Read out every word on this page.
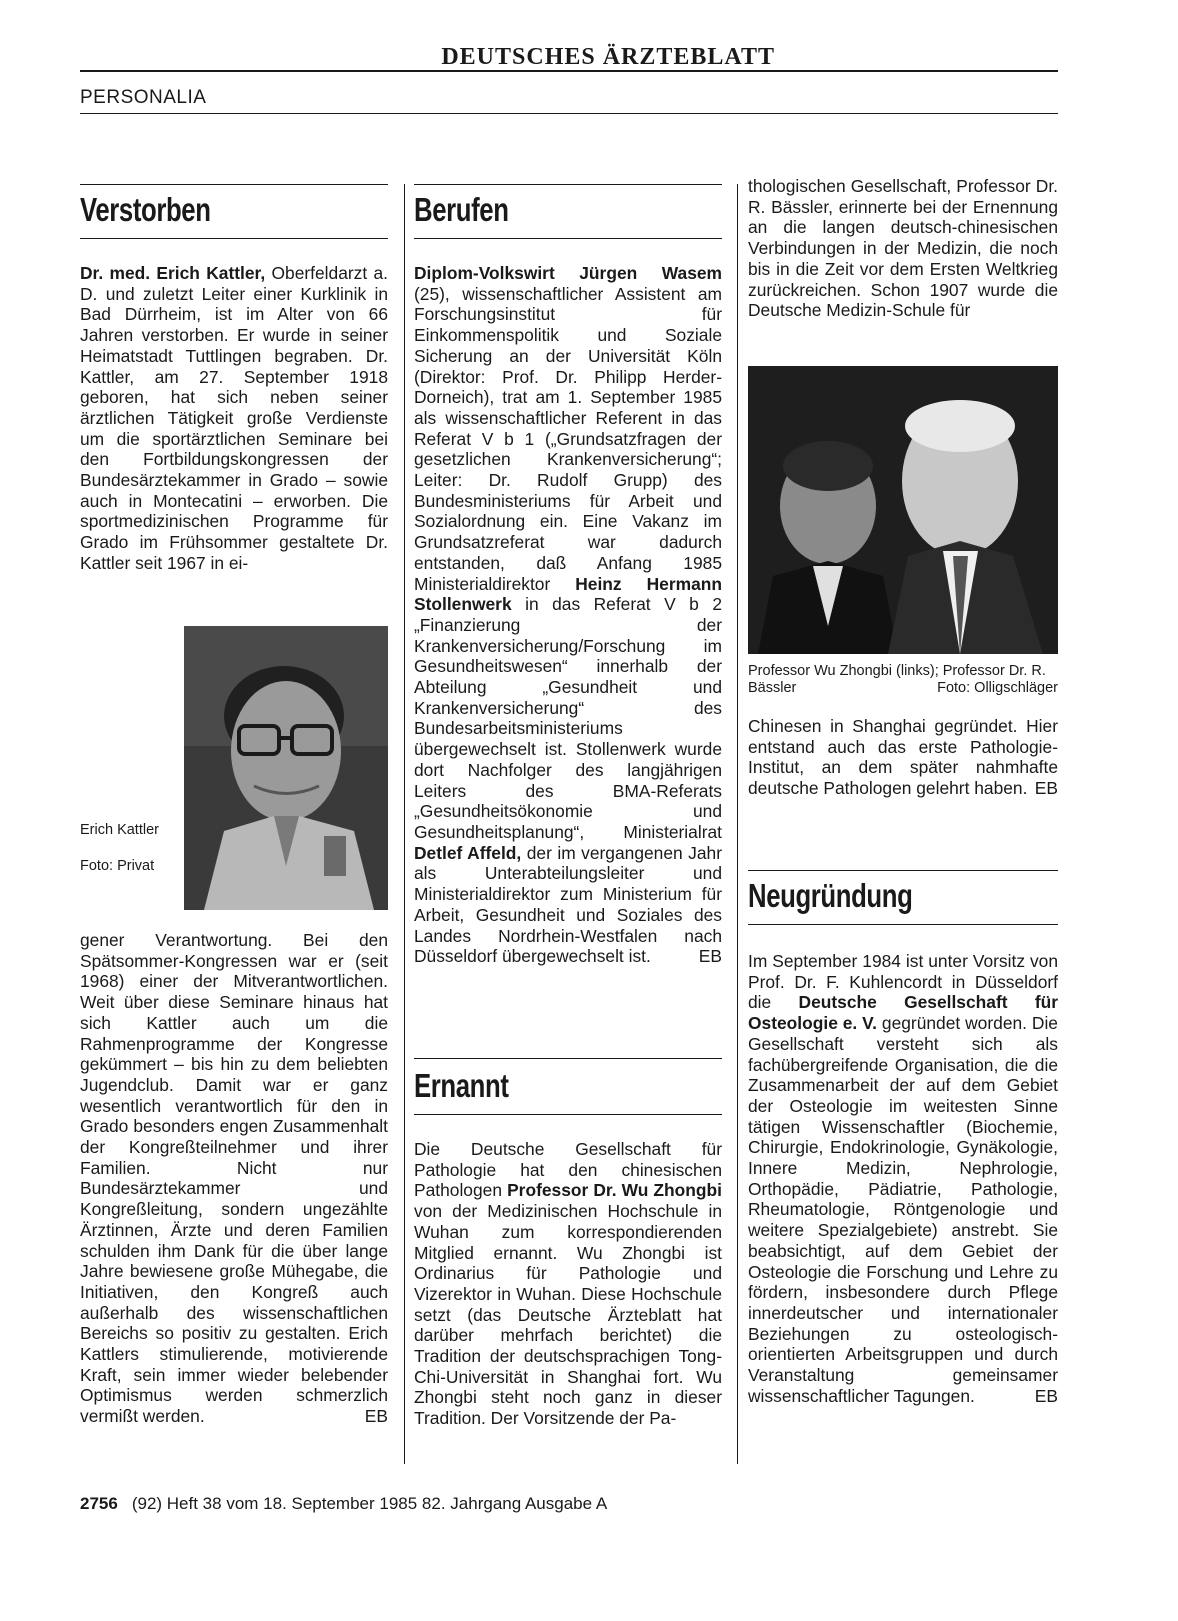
DEUTSCHES ÄRZTEBLATT
PERSONALIA
Verstorben

Dr. med. Erich Kattler, Oberfeldarzt a. D. und zuletzt Leiter einer Kurklinik in Bad Dürrheim, ist im Alter von 66 Jahren verstorben. Er wurde in seiner Heimatstadt Tuttlingen begraben. Dr. Kattler, am 27. September 1918 geboren, hat sich neben seiner ärztlichen Tätigkeit große Verdienste um die sportärztlichen Seminare bei den Fortbildungskongressen der Bundesärztekammer in Grado – sowie auch in Montecatini – erworben. Die sportmedizinischen Programme für Grado im Frühsommer gestaltete Dr. Kattler seit 1967 in ei-

Erich Kattler
Foto: Privat

gener Verantwortung. Bei den Spätsommer-Kongressen war er (seit 1968) einer der Mitverantwortlichen. Weit über diese Seminare hinaus hat sich Kattler auch um die Rahmenprogramme der Kongresse gekümmert – bis hin zu dem beliebten Jugendclub. Damit war er ganz wesentlich verantwortlich für den in Grado besonders engen Zusammenhalt der Kongreßteilnehmer und ihrer Familien. Nicht nur Bundesärztekammer und Kongreßleitung, sondern ungezählte Ärztinnen, Ärzte und deren Familien schulden ihm Dank für die über lange Jahre bewiesene große Mühegabe, die Initiativen, den Kongreß auch außerhalb des wissenschaftlichen Bereichs so positiv zu gestalten. Erich Kattlers stimulierende, motivierende Kraft, sein immer wieder belebender Optimismus werden schmerzlich vermißt werden.	EB

Berufen

Diplom-Volkswirt Jürgen Wasem (25), wissenschaftlicher Assistent am Forschungsinstitut für Einkommenspolitik und Soziale Sicherung an der Universität Köln (Direktor: Prof. Dr. Philipp Herder-Dorneich), trat am 1. September 1985 als wissenschaftlicher Referent in das Referat V b 1 („Grundsatzfragen der gesetzlichen Krankenversicherung“; Leiter: Dr. Rudolf Grupp) des Bundesministeriums für Arbeit und Sozialordnung ein. Eine Vakanz im Grundsatzreferat war dadurch entstanden, daß Anfang 1985 Ministerialdirektor Heinz Hermann Stollenwerk in das Referat V b 2 „Finanzierung der Krankenversicherung/Forschung im Gesundheitswesen“ innerhalb der Abteilung „Gesundheit und Krankenversicherung“ des Bundesarbeitsministeriums übergewechselt ist. Stollenwerk wurde dort Nachfolger des langjährigen Leiters des BMA-Referats „Gesundheitsökonomie und Gesundheitsplanung“, Ministerialrat Detlef Affeld, der im vergangenen Jahr als Unterabteilungsleiter und Ministerialdirektor zum Ministerium für Arbeit, Gesundheit und Soziales des Landes Nordrhein-Westfalen nach Düsseldorf übergewechselt ist.	EB

Ernannt

Die Deutsche Gesellschaft für Pathologie hat den chinesischen Pathologen Professor Dr. Wu Zhongbi von der Medizinischen Hochschule in Wuhan zum korrespondierenden Mitglied ernannt. Wu Zhongbi ist Ordinarius für Pathologie und Vizerektor in Wuhan. Diese Hochschule setzt (das Deutsche Ärzteblatt hat darüber mehrfach berichtet) die Tradition der deutschsprachigen Tong-Chi-Universität in Shanghai fort. Wu Zhongbi steht noch ganz in dieser Tradition. Der Vorsitzende der Pa-

thologischen Gesellschaft, Professor Dr. R. Bässler, erinnerte bei der Ernennung an die langen deutsch-chinesischen Verbindungen in der Medizin, die noch bis in die Zeit vor dem Ersten Weltkrieg zurückreichen. Schon 1907 wurde die Deutsche Medizin-Schule für

Professor Wu Zhongbi (links); Professor Dr. R. Bässler	Foto: Olligschläger

Chinesen in Shanghai gegründet. Hier entstand auch das erste Pathologie-Institut, an dem später nahmhafte deutsche Pathologen gelehrt haben. EB

Neugründung

Im September 1984 ist unter Vorsitz von Prof. Dr. F. Kuhlencordt in Düsseldorf die Deutsche Gesellschaft für Osteologie e. V. gegründet worden. Die Gesellschaft versteht sich als fachübergreifende Organisation, die die Zusammenarbeit der auf dem Gebiet der Osteologie im weitesten Sinne tätigen Wissenschaftler (Biochemie, Chirurgie, Endokrinologie, Gynäkologie, Innere Medizin, Nephrologie, Orthopädie, Pädiatrie, Pathologie, Rheumatologie, Röntgenologie und weitere Spezialgebiete) anstrebt. Sie beabsichtigt, auf dem Gebiet der Osteologie die Forschung und Lehre zu fördern, insbesondere durch Pflege innerdeutscher und internationaler Beziehungen zu osteologisch-orientierten Arbeitsgruppen und durch Veranstaltung gemeinsamer wissenschaftlicher Tagungen.	EB

2756 (92) Heft 38 vom 18. September 1985 82. Jahrgang Ausgabe A
